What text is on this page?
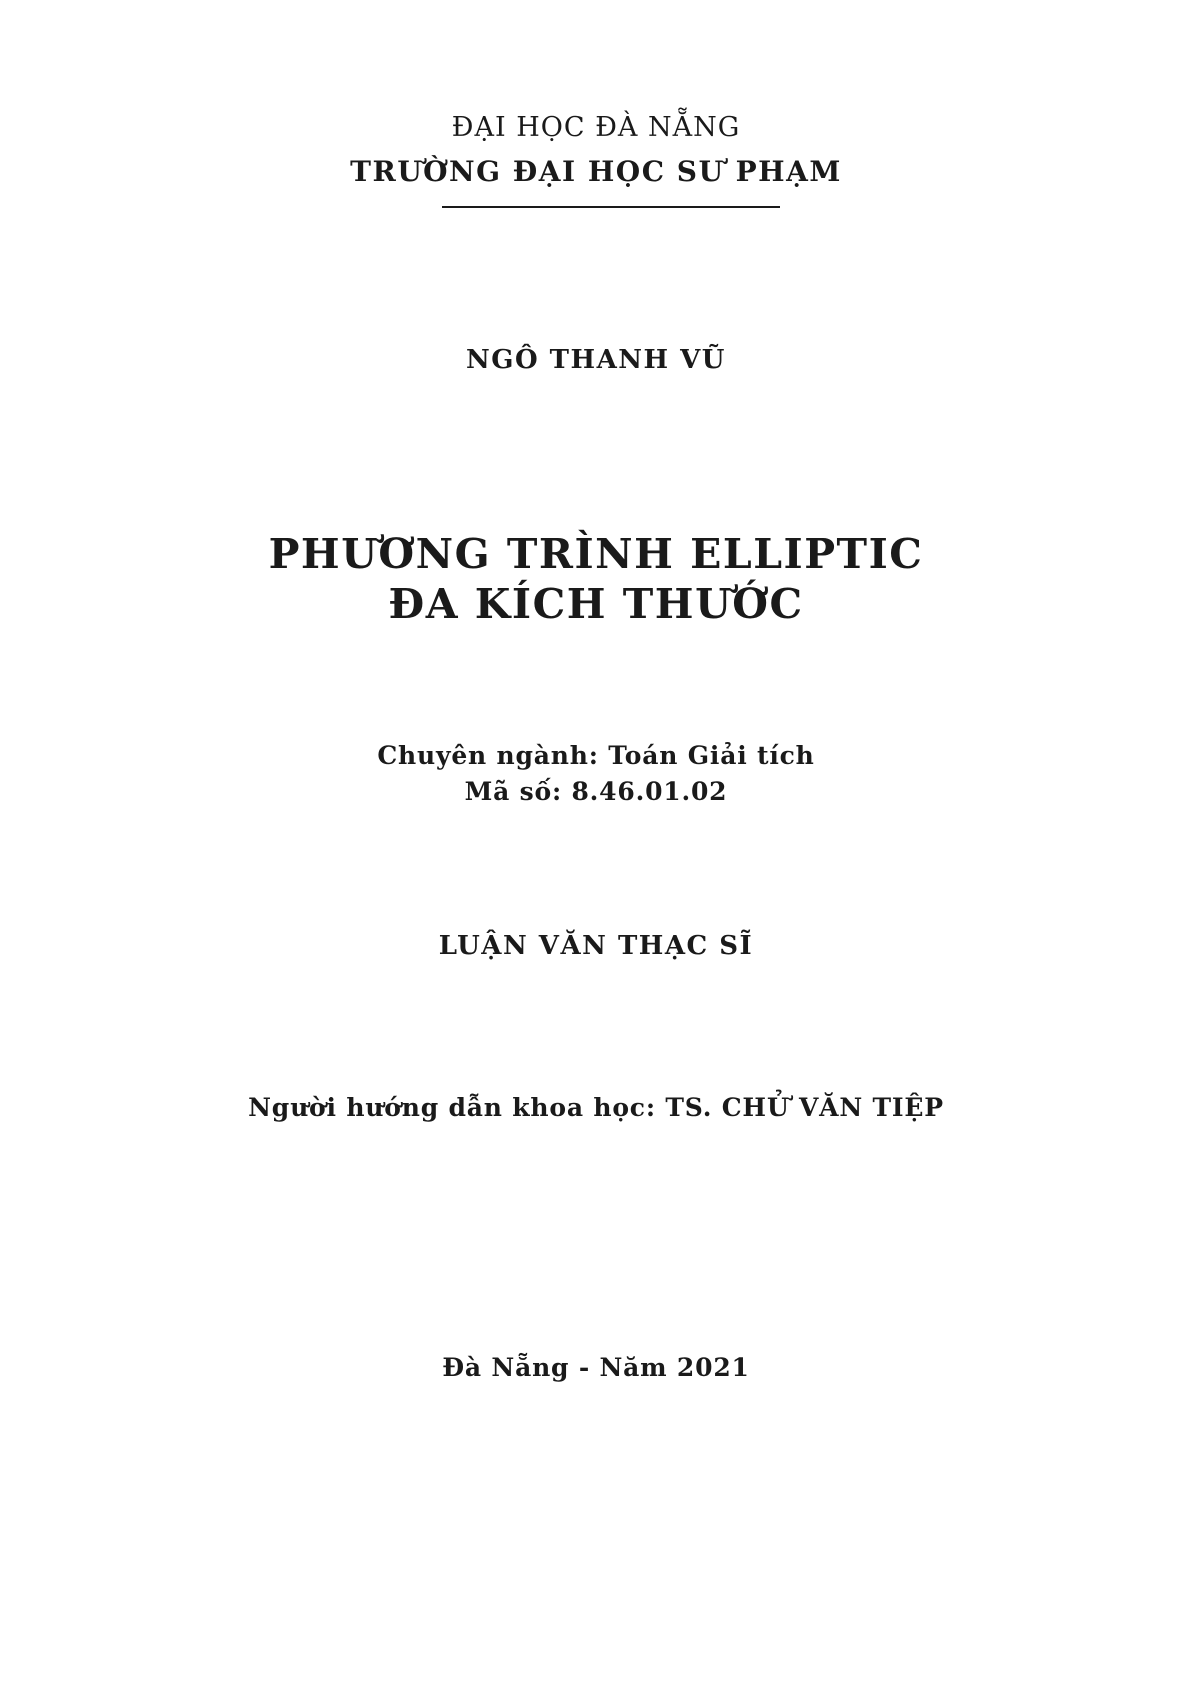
ĐẠI HỌC ĐÀ NẴNG
TRƯỜNG ĐẠI HỌC SƯ PHẠM
NGÔ THANH VŨ
PHƯƠNG TRÌNH ELLIPTIC
ĐA KÍCH THƯỚC
Chuyên ngành: Toán Giải tích
Mã số: 8.46.01.02
LUẬN VĂN THẠC SĨ
Người hướng dẫn khoa học: TS. CHỬ VĂN TIỆP
Đà Nẵng - Năm 2021
